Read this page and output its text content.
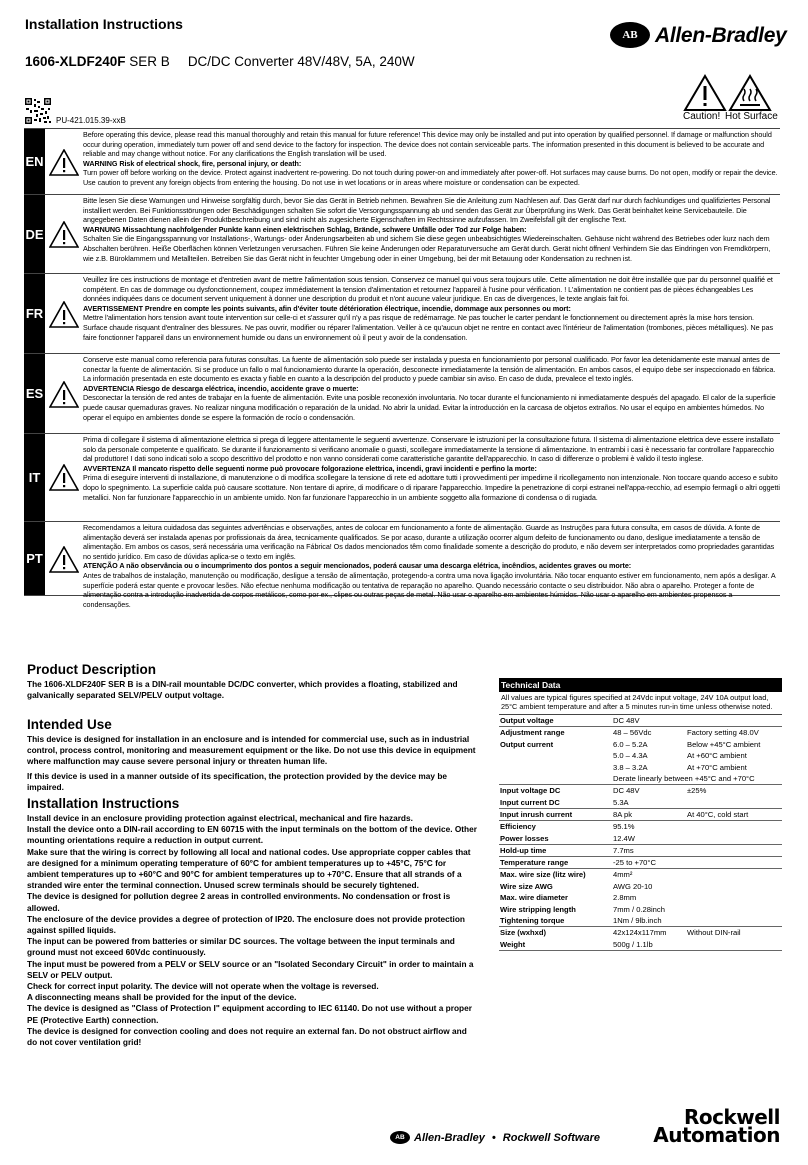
Installation Instructions
1606-XLDF240F SER B DC/DC Converter 48V/48V, 5A, 240W
AB Allen-Bradley
PU-421.015.39-xxB	Caution! Hot Surface
EN
Before operating this device, please read this manual thoroughly and retain this manual for future reference! This device may only be installed and put into operation by qualified personnel. If damage or malfunction should occur during operation, immediately turn power off and send device to the factory for inspection. The device does not contain serviceable parts. The information presented in this document is believed to be accurate and reliable and may change without notice. For any clarifications the English translation will be used.
WARNING Risk of electrical shock, fire, personal injury, or death:
Turn power off before working on the device. Protect against inadvertent re-powering. Do not touch during power-on and immediately after power-off. Hot surfaces may cause burns. Do not open, modify or repair the device. Use caution to prevent any foreign objects from entering the housing. Do not use in wet locations or in areas where moisture or condensation can be expected.
DE
Bitte lesen Sie diese Warnungen und Hinweise sorgfältig durch, bevor Sie das Gerät in Betrieb nehmen. Bewahren Sie die Anleitung zum Nachlesen auf. Das Gerät darf nur durch fachkundiges und qualifiziertes Personal installiert werden. Bei Funktionsstörungen oder Beschädigungen schalten Sie sofort die Versorgungsspannung ab und senden das Gerät zur Überprüfung ins Werk. Das Gerät beinhaltet keine Servicebauteile. Die angegebenen Daten dienen allein der Produktbeschreibung und sind nicht als zugesicherte Eigenschaften im Rechtssinne aufzufassen. Im Zweifelsfall gilt der englische Text.
WARNUNG Missachtung nachfolgender Punkte kann einen elektrischen Schlag, Brände, schwere Unfälle oder Tod zur Folge haben:
Schalten Sie die Eingangsspannung vor Installations-, Wartungs- oder Änderungsarbeiten ab und sichern Sie diese gegen unbeabsichtigtes Wiedereinschalten. Gehäuse nicht während des Betriebes oder kurz nach dem Abschalten berühren. Heiße Oberflächen können Verletzungen verursachen. Führen Sie keine Änderungen oder Reparaturversuche am Gerät durch. Gerät nicht öffnen! Verhindern Sie das Eindringen von Fremdkörpern, wie z.B. Büroklammern und Metallteilen. Betreiben Sie das Gerät nicht in feuchter Umgebung oder in einer Umgebung, bei der mit Betauung oder Kondensation zu rechnen ist.
FR
Veuillez lire ces instructions de montage et d'entretien avant de mettre l'alimentation sous tension. Conservez ce manuel qui vous sera toujours utile. Cette alimentation ne doit être installée que par du personnel qualifié et compétent. En cas de dommage ou dysfonctionnement, coupez immédiatement la tension d'alimentation et retournez l'appareil à l'usine pour vérification. ! L'alimentation ne contient pas de pièces échangeables Les données indiquées dans ce document servent uniquement à donner une description du produit et n'ont aucune valeur juridique. En cas de divergences, le texte anglais fait foi.
AVERTISSEMENT Prendre en compte les points suivants, afin d'éviter toute détérioration électrique, incendie, dommage aux personnes ou mort:
Mettre l'alimentation hors tension avant toute intervention sur celle-ci et s'assurer qu'il n'y a pas risque de redémarrage. Ne pas toucher le carter pendant le fonctionnement ou directement après la mise hors tension. Surface chaude risquant d'entraîner des blessures. Ne pas ouvrir, modifier ou réparer l'alimentation. Veiller à ce qu'aucun objet ne rentre en contact avec l'intérieur de l'alimentation (trombones, pièces métalliques). Ne pas faire fonctionner l'appareil dans un environnement humide ou dans un environnement où il peut y avoir de la condensation.
ES
Conserve este manual como referencia para futuras consultas. La fuente de alimentación solo puede ser instalada y puesta en funcionamiento por personal cualificado. Por favor lea detenidamente este manual antes de conectar la fuente de alimentación. Si se produce un fallo o mal funcionamiento durante la operación, desconecte inmediatamente la tensión de alimentación. En ambos casos, el equipo debe ser inspeccionado en fábrica. La información presentada en este documento es exacta y fiable en cuanto a la descripción del producto y puede cambiar sin aviso. En caso de duda, prevalece el texto inglés.
ADVERTENCIA Riesgo de descarga eléctrica, incendio, accidente grave o muerte:
Desconectar la tensión de red antes de trabajar en la fuente de alimentación. Evite una posible reconexión involuntaria. No tocar durante el funcionamiento ni inmediatamente después del apagado. El calor de la superficie puede causar quemaduras graves. No realizar ninguna modificación o reparación de la unidad. No abrir la unidad. Evitar la introducción en la carcasa de objetos extraños. No usar el equipo en ambientes húmedos. No operar el equipo en ambientes donde se espere la formación de rocío o condensación.
IT
Prima di collegare il sistema di alimentazione elettrica si prega di leggere attentamente le seguenti avvertenze. Conservare le istruzioni per la consultazione futura. Il sistema di alimentazione elettrica deve essere installato solo da personale competente e qualificato. Se durante il funzionamento si verificano anomalie o guasti, scollegare immediatamente la tensione di alimentazione. In entrambi i casi è necessario far controllare l'apparecchio dal produttore! I dati sono indicati solo a scopo descrittivo del prodotto e non vanno considerati come caratteristiche garantite dell'apparecchio. In caso di differenze o problemi è valido il testo inglese.
AVVERTENZA Il mancato rispetto delle seguenti norme può provocare folgorazione elettrica, incendi, gravi incidenti e perfino la morte:
Prima di eseguire interventi di installazione, di manutenzione o di modifica scollegare la tensione di rete ed adottare tutti i provvedimenti per impedirne il ricollegamento non intenzionale. Non toccare quando acceso e subito dopo lo spegnimento. La superficie calda può causare scottature. Non tentare di aprire, di modificare o di riparare l'apparecchio. Impedire la penetrazione di corpi estranei nell'appa-recchio, ad esempio fermagli o altri oggetti metallici. Non far funzionare l'apparecchio in un ambiente umido. Non far funzionare l'apparecchio in un ambiente soggetto alla formazione di condensa o di rugiada.
PT
Recomendamos a leitura cuidadosa das seguintes advertências e observações, antes de colocar em funcionamento a fonte de alimentação. Guarde as Instruções para futura consulta, em casos de dúvida. A fonte de alimentação deverá ser instalada apenas por profissionais da área, tecnicamente qualificados. Se por acaso, durante a utilização ocorrer algum defeito de funcionamento ou dano, desligue imediatamente a tensão de alimentação. Em ambos os casos, será necessária uma verificação na Fábrica! Os dados mencionados têm como finalidade somente a descrição do produto, e não devem ser interpretados como propriedades garantidas no sentido jurídico. Em caso de dúvidas aplica-se o texto em inglês.
ATENÇÃO A não observância ou o incumprimento dos pontos a seguir mencionados, poderá causar uma descarga elétrica, incêndios, acidentes graves ou morte:
Antes de trabalhos de instalação, manutenção ou modificação, desligue a tensão de alimentação, protegendo-a contra uma nova ligação involuntária. Não tocar enquanto estiver em funcionamento, nem após a desligar. A superfície poderá estar quente e provocar lesões. Não efectue nenhuma modificação ou tentativa de reparação no aparelho. Quando necessário contacte o seu distribuidor. Não abra o aparelho. Proteger a fonte de alimentação contra a introdução inadvertida de corpos metálicos, como por ex., clipes ou outras peças de metal. Não usar o aparelho em ambientes húmidos. Não usar o aparelho em ambientes propensos a condensações.
Product Description
The 1606-XLDF240F SER B is a DIN-rail mountable DC/DC converter, which provides a floating, stabilized and galvanically separated SELV/PELV output voltage.
Intended Use

This device is designed for installation in an enclosure and is intended for commercial use, such as in industrial control, process control, monitoring and measurement equipment or the like. Do not use this device in equipment where malfunction may cause severe personal injury or threaten human life.

If this device is used in a manner outside of its specification, the protection provided by the device may be impaired.

Installation Instructions

Install device in an enclosure providing protection against electrical, mechanical and fire hazards.

Install the device onto a DIN-rail according to EN 60715 with the input terminals on the bottom of the device. Other mounting orientations require a reduction in output current.

Make sure that the wiring is correct by following all local and national codes. Use appropriate copper cables that are designed for a minimum operating temperature of 60°C for ambient temperatures up to +45°C, 75°C for ambient temperatures up to +60°C and 90°C for ambient temperatures up to +70°C. Ensure that all strands of a stranded wire enter the terminal connection. Unused screw terminals should be securely tightened.

The device is designed for pollution degree 2 areas in controlled environments. No condensation or frost is allowed.

The enclosure of the device provides a degree of protection of IP20. The enclosure does not provide protection against spilled liquids.

The input can be powered from batteries or similar DC sources. The voltage between the input terminals and ground must not exceed 60Vdc continuously.

The input must be powered from a PELV or SELV source or an "Isolated Secondary Circuit" in order to maintain a SELV or PELV output.

Check for correct input polarity. The device will not operate when the voltage is reversed.

A disconnecting means shall be provided for the input of the device.

The device is designed as "Class of Protection I" equipment according to IEC 61140. Do not use without a proper PE (Protective Earth) connection.

The device is designed for convection cooling and does not require an external fan. Do not obstruct airflow and do not cover ventilation grid!

Technical Data
All values are typical figures specified at 24Vdc input voltage, 24V 10A output load, 25°C ambient temperature and after a 5 minutes run-in time unless otherwise noted.
Output voltage	DC 48V
Adjustment range	48 – 56Vdc	Factory setting 48.0V
Output current	6.0 – 5.2A	Below +45°C ambient
5.0 – 4.3A	At +60°C ambient
3.8 – 3.2A	At +70°C ambient
Derate linearly between +45°C and +70°C
Input voltage DC	DC 48V	±25%
Input current DC	5.3A
Input inrush current	8A pk	At 40°C, cold start
Efficiency	95.1%
Power losses	12.4W
Hold-up time	7.7ms
Temperature range	-25 to +70°C
Max. wire size (litz wire)	4mm²
Wire size AWG	AWG 20-10
Max. wire diameter	2.8mm
Wire stripping length	7mm / 0.28inch
Tightening torque	1Nm / 9lb.inch
Size (wxhxd)	42x124x117mm	Without DIN-rail
Weight	500g / 1.1lb
AB Allen-Bradley • Rockwell Software
Rockwell
Automation
